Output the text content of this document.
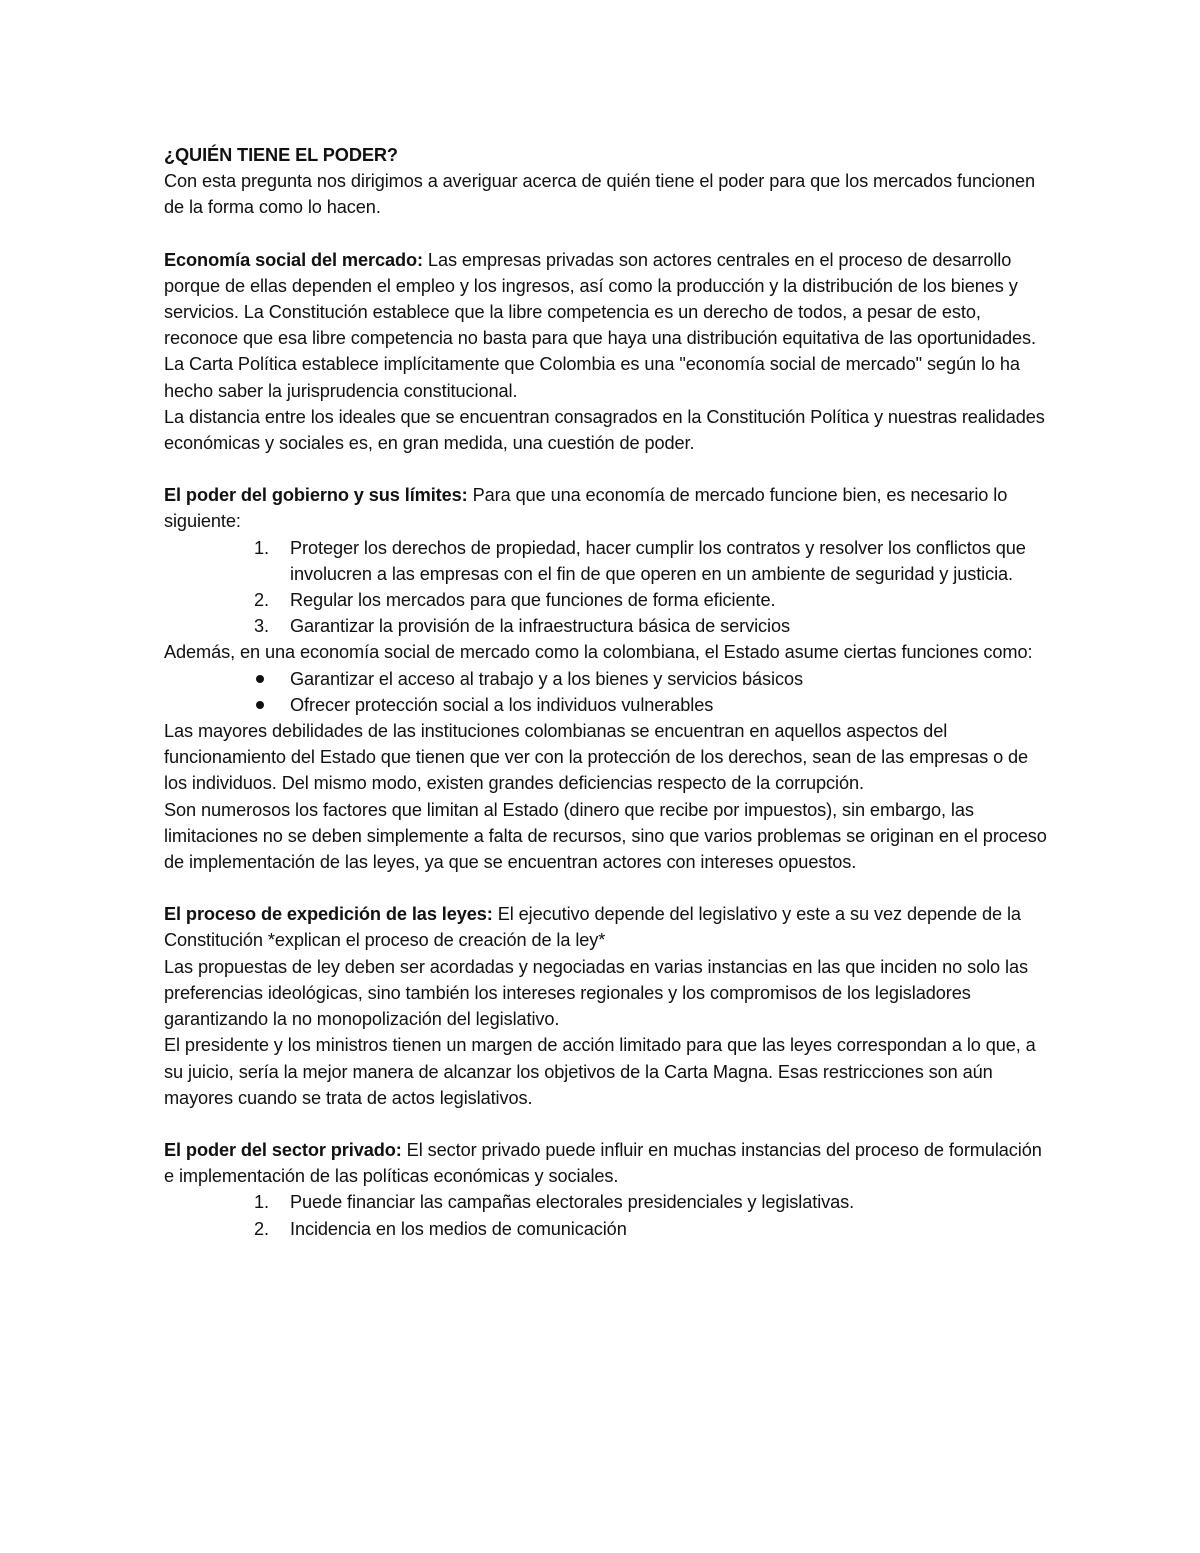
¿QUIÉN TIENE EL PODER?

Con esta pregunta nos dirigimos a averiguar acerca de quién tiene el poder para que los mercados funcionen de la forma como lo hacen.

Economía social del mercado: Las empresas privadas son actores centrales en el proceso de desarrollo porque de ellas dependen el empleo y los ingresos, así como la producción y la distribución de los bienes y servicios. La Constitución establece que la libre competencia es un derecho de todos, a pesar de esto, reconoce que esa libre competencia no basta para que haya una distribución equitativa de las oportunidades.

La Carta Política establece implícitamente que Colombia es una "economía social de mercado" según lo ha hecho saber la jurisprudencia constitucional.

La distancia entre los ideales que se encuentran consagrados en la Constitución Política y nuestras realidades económicas y sociales es, en gran medida, una cuestión de poder.

El poder del gobierno y sus límites: Para que una economía de mercado funcione bien, es necesario lo siguiente:

1.	Proteger los derechos de propiedad, hacer cumplir los contratos y resolver los conflictos que involucren a las empresas con el fin de que operen en un ambiente de seguridad y justicia.
2.	Regular los mercados para que funciones de forma eficiente.
3.	Garantizar la provisión de la infraestructura básica de servicios

Además, en una economía social de mercado como la colombiana, el Estado asume ciertas funciones como:

Garantizar el acceso al trabajo y a los bienes y servicios básicos
Ofrecer protección social a los individuos vulnerables

Las mayores debilidades de las instituciones colombianas se encuentran en aquellos aspectos del funcionamiento del Estado que tienen que ver con la protección de los derechos, sean de las empresas o de los individuos. Del mismo modo, existen grandes deficiencias respecto de la corrupción.

Son numerosos los factores que limitan al Estado (dinero que recibe por impuestos), sin embargo, las limitaciones no se deben simplemente a falta de recursos, sino que varios problemas se originan en el proceso de implementación de las leyes, ya que se encuentran actores con intereses opuestos.

El proceso de expedición de las leyes: El ejecutivo depende del legislativo y este a su vez depende de la Constitución *explican el proceso de creación de la ley*

Las propuestas de ley deben ser acordadas y negociadas en varias instancias en las que inciden no solo las preferencias ideológicas, sino también los intereses regionales y los compromisos de los legisladores garantizando la no monopolización del legislativo.

El presidente y los ministros tienen un margen de acción limitado para que las leyes correspondan a lo que, a su juicio, sería la mejor manera de alcanzar los objetivos de la Carta Magna. Esas restricciones son aún mayores cuando se trata de actos legislativos.

El poder del sector privado: El sector privado puede influir en muchas instancias del proceso de formulación e implementación de las políticas económicas y sociales.

1.	Puede financiar las campañas electorales presidenciales y legislativas.
2.	Incidencia en los medios de comunicación
